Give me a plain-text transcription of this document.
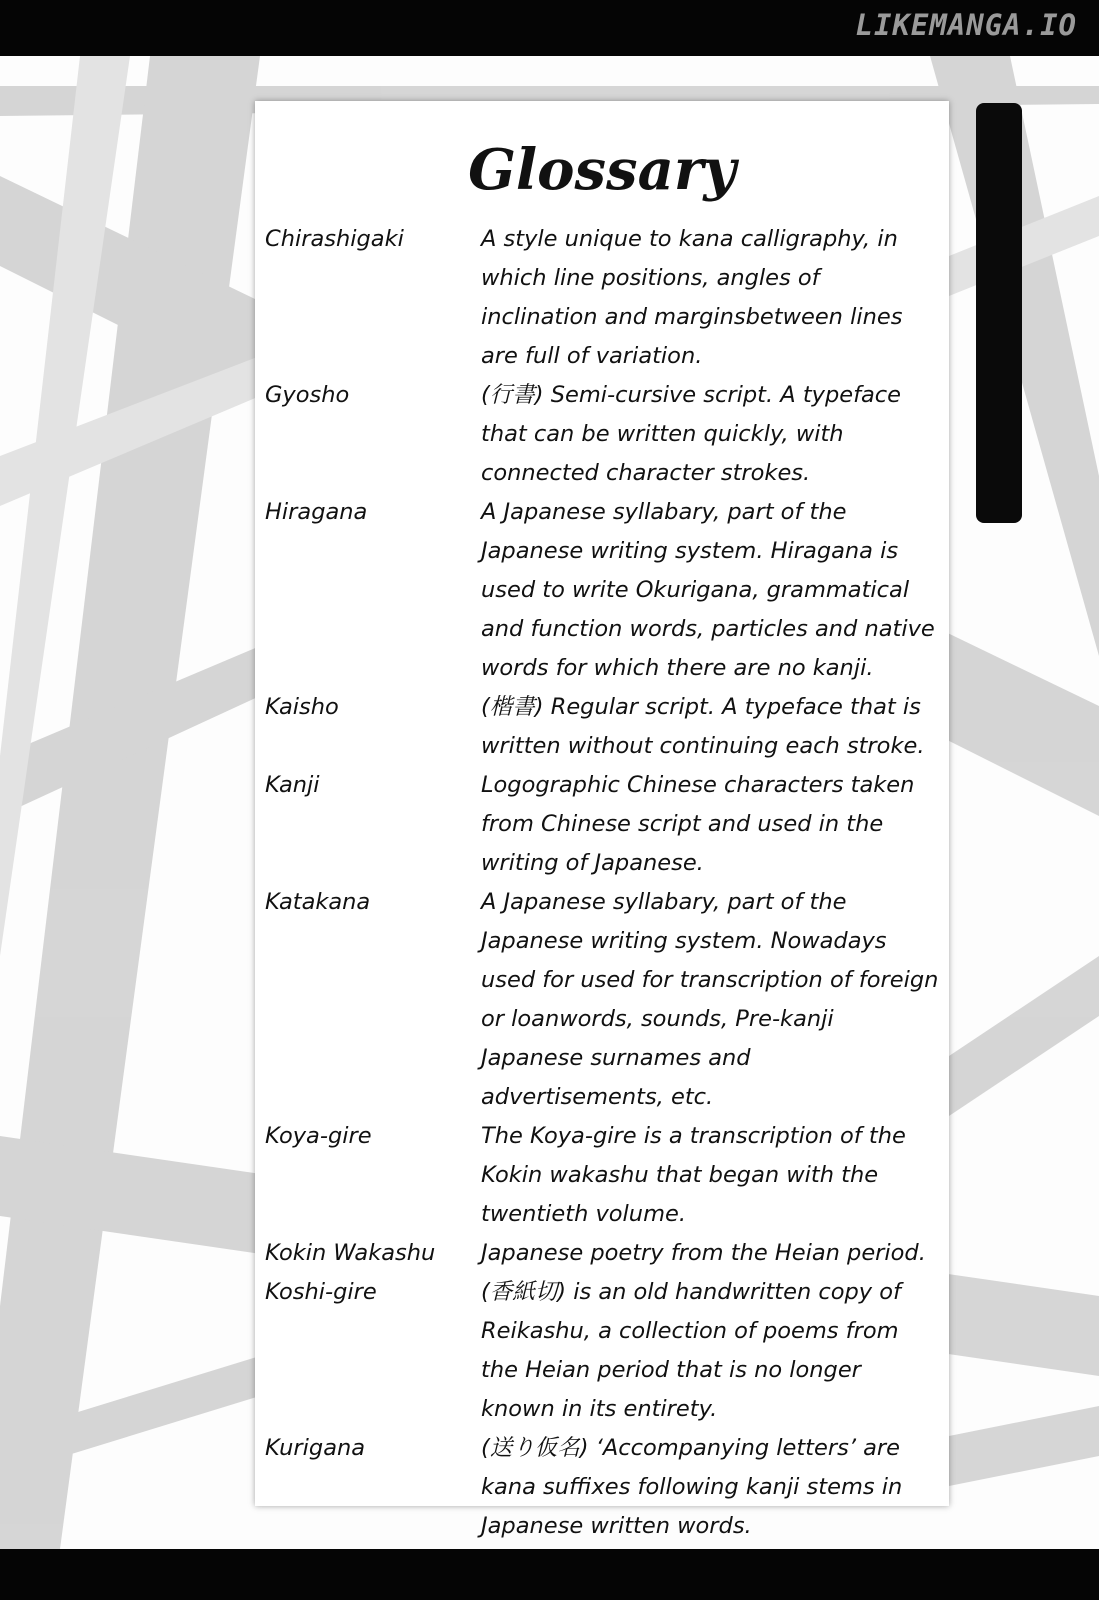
LIKEMANGA.IO
Glossary
Chirashigaki	A style unique to kana calligraphy, in which line positions, angles of inclination and marginsbetween lines are full of variation.
Gyosho	(行書) Semi-cursive script. A typeface that can be written quickly, with connected character strokes.
Hiragana	A Japanese syllabary, part of the Japanese writing system. Hiragana is used to write Okurigana, grammatical and function words, particles and native words for which there are no kanji.
Kaisho	(楷書) Regular script. A typeface that is written without continuing each stroke.
Kanji	Logographic Chinese characters taken from Chinese script and used in the writing of Japanese.
Katakana	A Japanese syllabary, part of the Japanese writing system. Nowadays used for used for transcription of foreign or loanwords, sounds, Pre-kanji Japanese surnames and advertisements, etc.
Koya-gire	The Koya-gire is a transcription of the Kokin wakashu that began with the twentieth volume.
Kokin Wakashu	Japanese poetry from the Heian period.
Koshi-gire	(香紙切) is an old handwritten copy of Reikashu, a collection of poems from the Heian period that is no longer known in its entirety.
Kurigana	(送り仮名) ‘Accompanying letters’ are kana suffixes following kanji stems in Japanese written words.
